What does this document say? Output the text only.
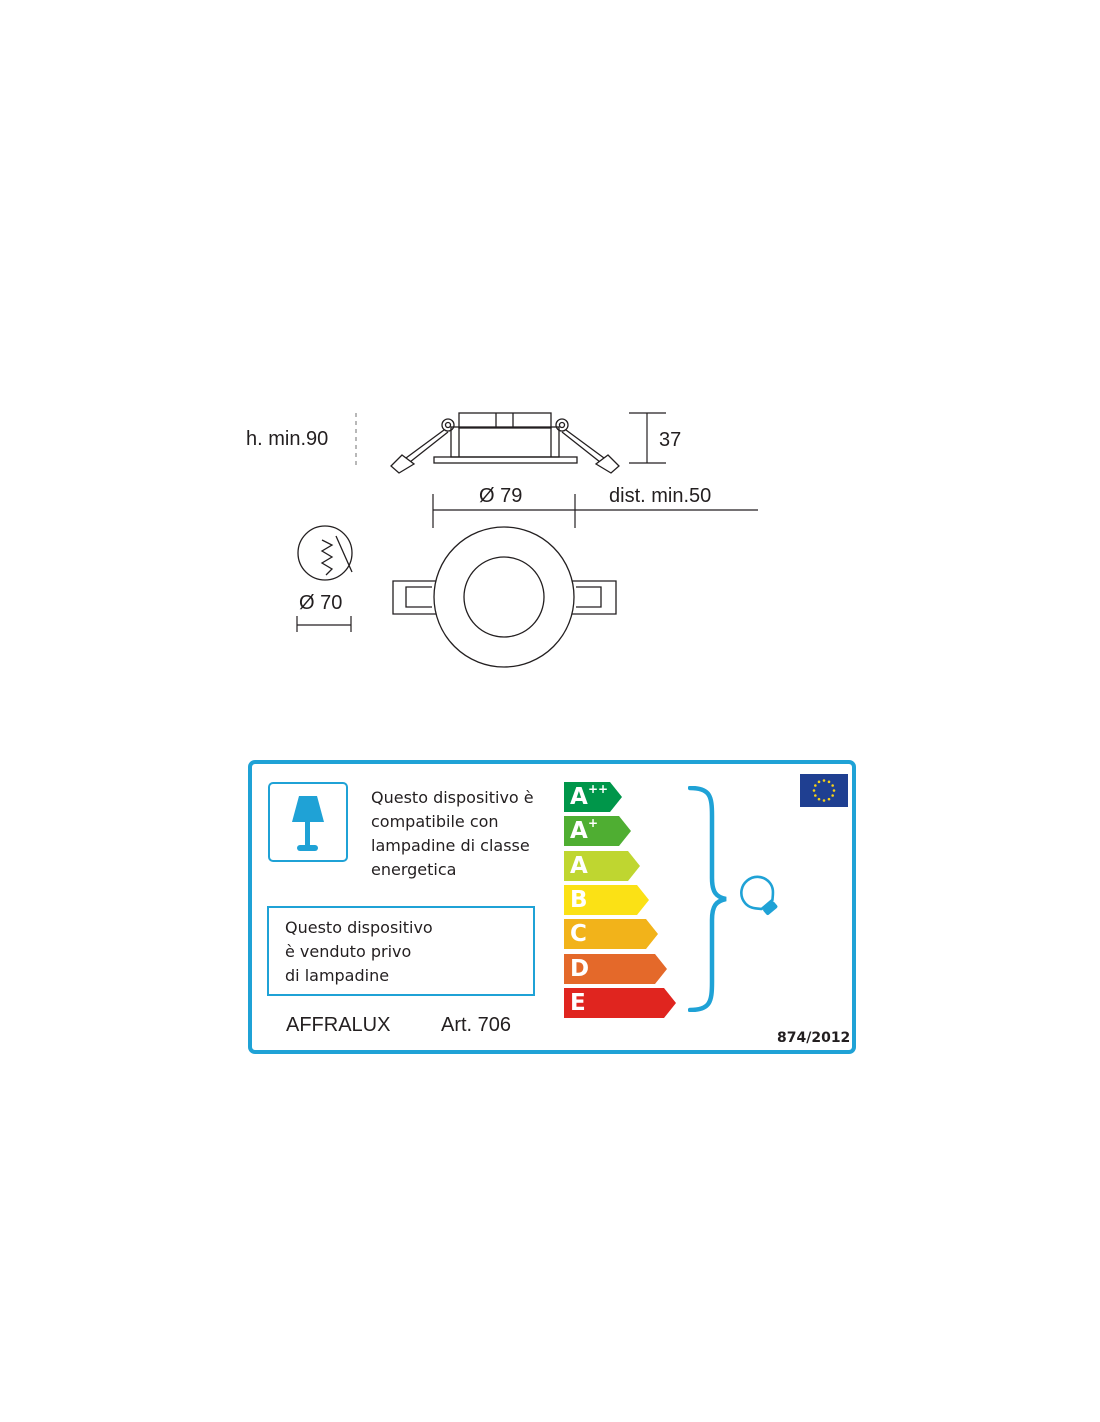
h. min.90	37
Ø 79	dist. min.50
Ø 70
Questo dispositivo è
compatibile con
lampadine di classe
energetica
Questo dispositivo
è venduto privo
di lampadine
AFFRALUX	Art. 706
874/2012
A ++
A +
A
B
C
D
E
